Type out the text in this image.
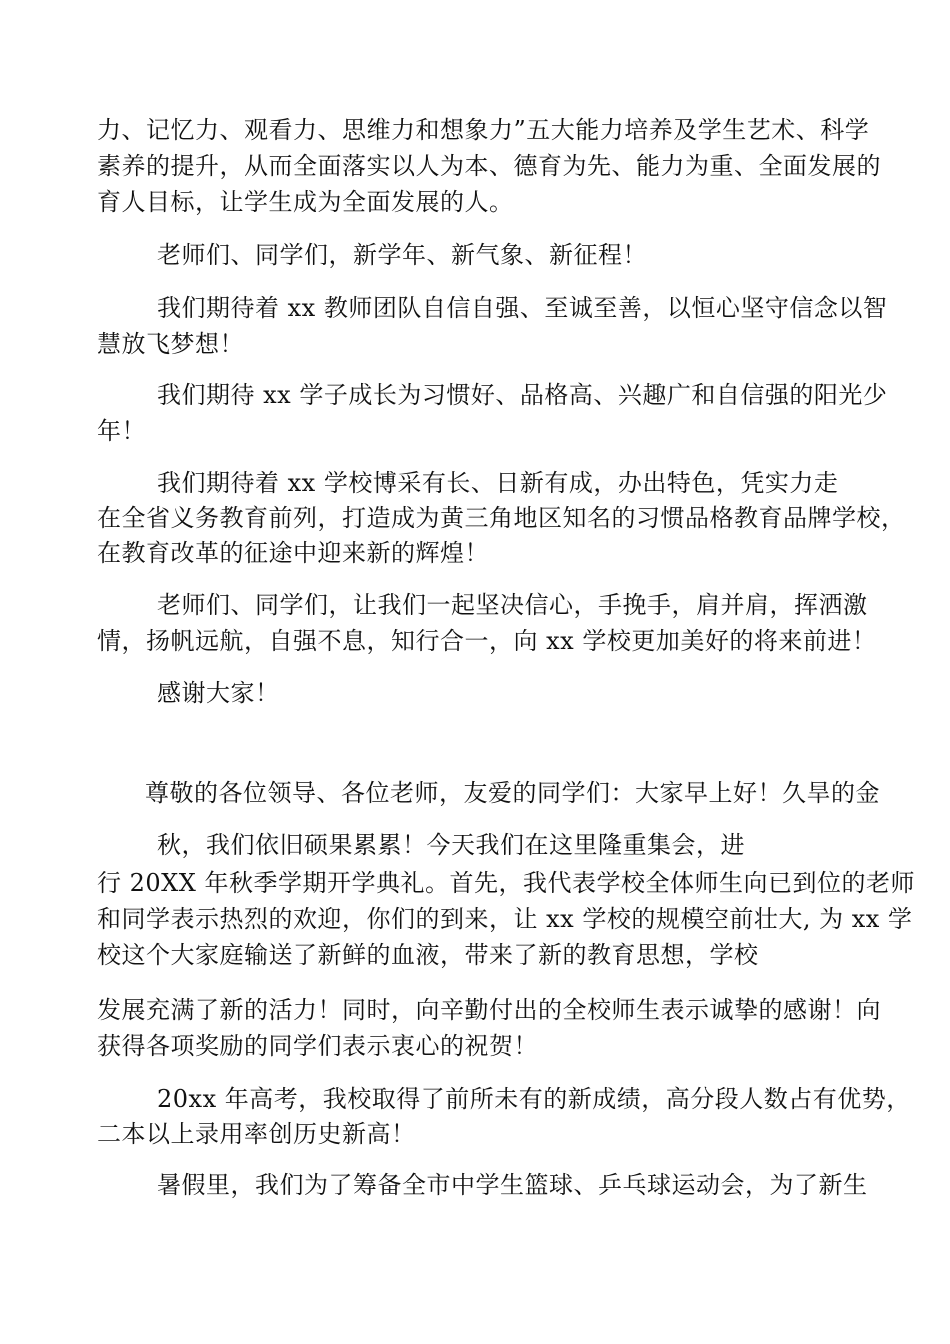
力、记忆力、观看力、思维力和想象力”五大能力培养及学生艺术、科学
素养的提升，从而全面落实以人为本、德育为先、能力为重、全面发展的
育人目标，让学生成为全面发展的人。
老师们、同学们，新学年、新气象、新征程！
我们期待着 xx 教师团队自信自强、至诚至善，以恒心坚守信念以智
慧放飞梦想！
我们期待 xx 学子成长为习惯好、品格高、兴趣广和自信强的阳光少
年！
我们期待着 xx 学校博采有长、日新有成，办出特色，凭实力走
在全省义务教育前列，打造成为黄三角地区知名的习惯品格教育品牌学校，
在教育改革的征途中迎来新的辉煌！
老师们、同学们，让我们一起坚决信心，手挽手，肩并肩，挥洒激
情，扬帆远航，自强不息，知行合一，向 xx 学校更加美好的将来前进！
感谢大家！
尊敬的各位领导、各位老师，友爱的同学们：大家早上好！久旱的金
秋，我们依旧硕果累累！今天我们在这里隆重集会，进
行 20XX 年秋季学期开学典礼。首先，我代表学校全体师生向已到位的老师
和同学表示热烈的欢迎，你们的到来，让 xx 学校的规模空前壮大, 为 xx 学
校这个大家庭输送了新鲜的血液，带来了新的教育思想，学校
发展充满了新的活力！同时，向辛勤付出的全校师生表示诚挚的感谢！向
获得各项奖励的同学们表示衷心的祝贺！
20xx 年高考，我校取得了前所未有的新成绩，高分段人数占有优势，
二本以上录用率创历史新高！
暑假里，我们为了筹备全市中学生篮球、乒乓球运动会，为了新生
